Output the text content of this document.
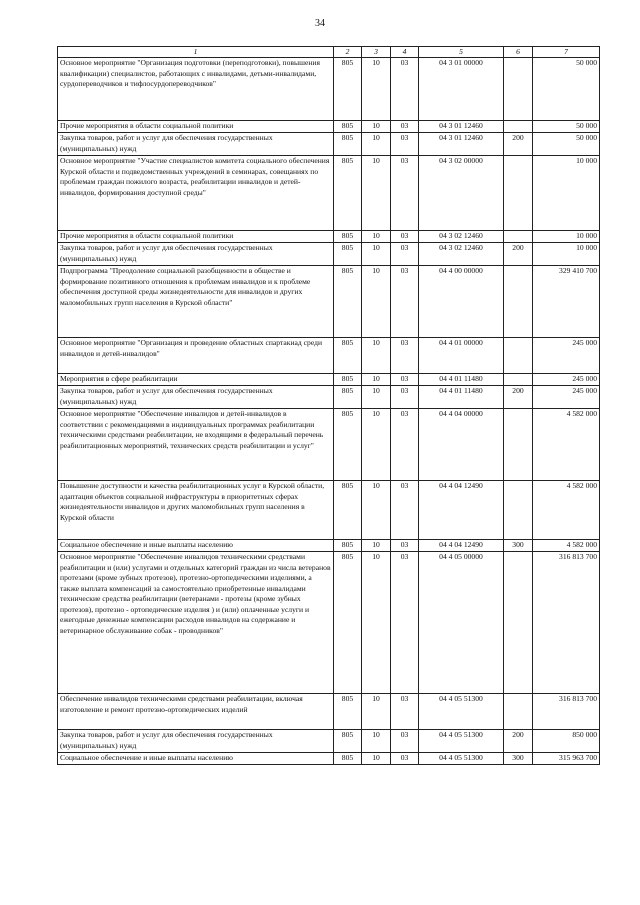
34
1	2	3	4	5	6	7
Основное мероприятие "Организация подготовки (переподготовки), повышения квалификации) специалистов, работающих с инвалидами, детьми-инвалидами, сурдопереводчиков и тифлосурдопереводчиков"	805	10	03	04 3 01 00000		50 000
Прочие мероприятия в области социальной политики	805	10	03	04 3 01 12460		50 000
Закупка товаров, работ и услуг для обеспечения государственных (муниципальных) нужд	805	10	03	04 3 01 12460	200	50 000
Основное мероприятие "Участие специалистов комитета социального обеспечения Курской области и подведомственных учреждений в семинарах, совещаниях по проблемам граждан пожилого возраста, реабилитации инвалидов и детей-инвалидов, формирования доступной среды"	805	10	03	04 3 02 00000		10 000
Прочие мероприятия в области социальной политики	805	10	03	04 3 02 12460		10 000
Закупка товаров, работ и услуг для обеспечения государственных (муниципальных) нужд	805	10	03	04 3 02 12460	200	10 000
Подпрограмма "Преодоление социальной разобщенности в обществе и формирование позитивного отношения к проблемам инвалидов и к проблеме обеспечения доступной среды жизнедеятельности для инвалидов и других маломобильных групп населения в Курской области"	805	10	03	04 4 00 00000		329 410 700
Основное мероприятие "Организация и проведение областных спартакиад среди инвалидов и детей-инвалидов"	805	10	03	04 4 01 00000		245 000
Мероприятия в сфере реабилитации	805	10	03	04 4 01 11480		245 000
Закупка товаров, работ и услуг для обеспечения государственных (муниципальных) нужд	805	10	03	04 4 01 11480	200	245 000
Основное мероприятие "Обеспечение инвалидов и детей-инвалидов в соответствии с рекомендациями в индивидуальных программах реабилитации техническими средствами реабилитации, не входящими в федеральный перечень реабилитационных мероприятий, технических средств реабилитации и услуг"	805	10	03	04 4 04 00000		4 582 000
Повышение доступности и качества реабилитационных услуг в Курской области, адаптация объектов социальной инфраструктуры в приоритетных сферах жизнедеятельности инвалидов и других маломобильных групп населения в Курской области	805	10	03	04 4 04 12490		4 582 000
Социальное обеспечение и иные выплаты населению	805	10	03	04 4 04 12490	300	4 582 000
Основное мероприятие "Обеспечение инвалидов техническими средствами реабилитации и (или) услугами и отдельных категорий граждан из числа ветеранов протезами (кроме зубных протезов), протезно-ортопедическими изделиями, а также выплата компенсаций за самостоятельно приобретенные инвалидами технические средства реабилитации (ветеранами - протезы (кроме зубных протезов), протезно - ортопедические изделия ) и (или) оплаченные услуги и ежегодные денежные компенсации расходов инвалидов на содержание и ветеринарное обслуживание собак - проводников"	805	10	03	04 4 05 00000		316 813 700
Обеспечение инвалидов техническими средствами реабилитации, включая изготовление и ремонт протезно-ортопедических изделий	805	10	03	04 4 05 51300		316 813 700
Закупка товаров, работ и услуг для обеспечения государственных (муниципальных) нужд	805	10	03	04 4 05 51300	200	850 000
Социальное обеспечение и иные выплаты населению	805	10	03	04 4 05 51300	300	315 963 700
